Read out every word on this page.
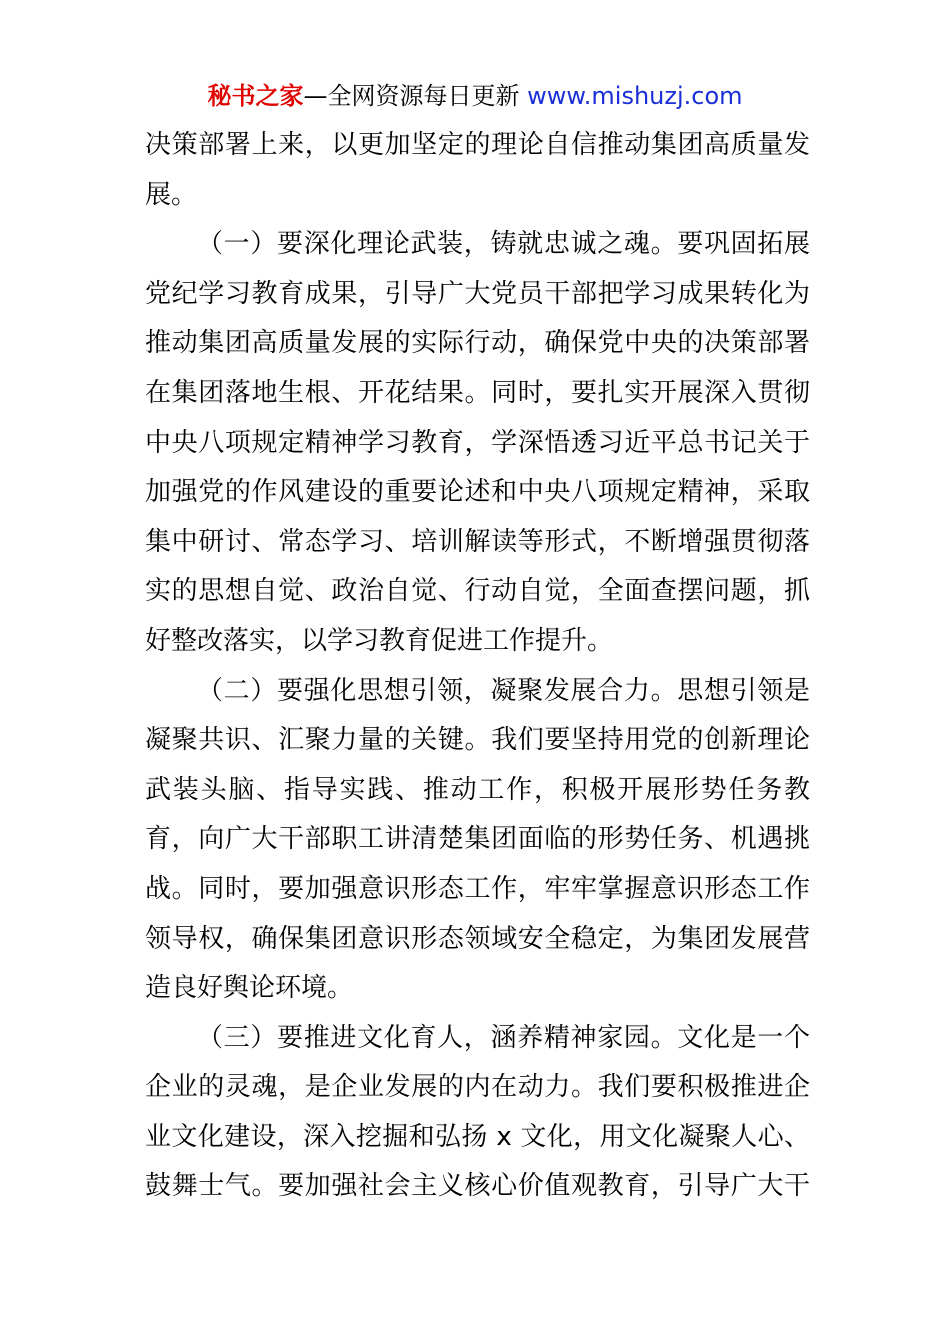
秘书之家—全网资源每日更新 www.mishuzj.com
决策部署上来，以更加坚定的理论自信推动集团高质量发
展。
（一）要深化理论武装，铸就忠诚之魂。要巩固拓展
党纪学习教育成果，引导广大党员干部把学习成果转化为
推动集团高质量发展的实际行动，确保党中央的决策部署
在集团落地生根、开花结果。同时，要扎实开展深入贯彻
中央八项规定精神学习教育，学深悟透习近平总书记关于
加强党的作风建设的重要论述和中央八项规定精神，采取
集中研讨、常态学习、培训解读等形式，不断增强贯彻落
实的思想自觉、政治自觉、行动自觉，全面查摆问题，抓
好整改落实，以学习教育促进工作提升。
（二）要强化思想引领，凝聚发展合力。思想引领是
凝聚共识、汇聚力量的关键。我们要坚持用党的创新理论
武装头脑、指导实践、推动工作，积极开展形势任务教
育，向广大干部职工讲清楚集团面临的形势任务、机遇挑
战。同时，要加强意识形态工作，牢牢掌握意识形态工作
领导权，确保集团意识形态领域安全稳定，为集团发展营
造良好舆论环境。
（三）要推进文化育人，涵养精神家园。文化是一个
企业的灵魂，是企业发展的内在动力。我们要积极推进企
业文化建设，深入挖掘和弘扬 x 文化，用文化凝聚人心、
鼓舞士气。要加强社会主义核心价值观教育，引导广大干
